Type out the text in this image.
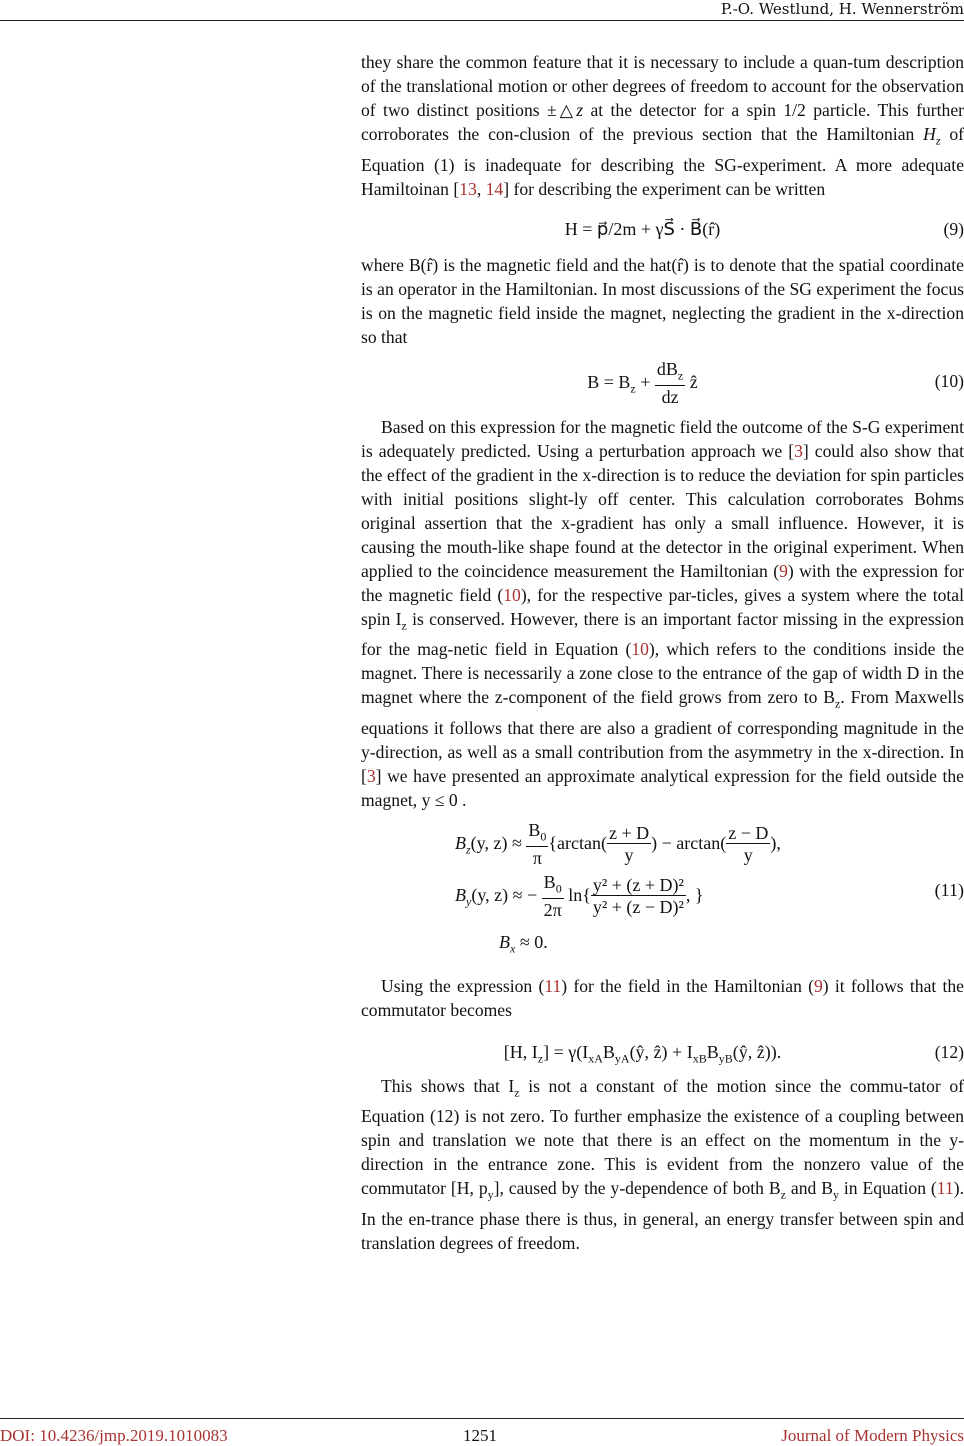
P.-O. Westlund, H. Wennerström

they share the common feature that it is necessary to include a quan-tum description of the translational motion or other degrees of freedom to account for the observation of two distinct positions ±△z at the detector for a spin 1/2 particle. This further corroborates the con-clusion of the previous section that the Hamiltonian $H_z$ of Equation (1) is inadequate for describing the SG-experiment. A more adequate Hamiltoinan [13, 14] for describing the experiment can be written

H = p⃗/2m + γS⃗ · B⃗(r̂)	(9)

where B(r̂) is the magnetic field and the hat(r̂) is to denote that the spatial coordinate is an operator in the Hamiltonian. In most discussions of the SG experiment the focus is on the magnetic field inside the magnet, neglecting the gradient in the x-direction so that

$B = B_z + \frac{dB_z}{dz}$ ẑ	(10)

Based on this expression for the magnetic field the outcome of the S-G experiment is adequately predicted. Using a perturbation approach we [3] could also show that the effect of the gradient in the x-direction is to reduce the deviation for spin particles with initial positions slight-ly off center. This calculation corroborates Bohms original assertion that the x-gradient has only a small influence. However, it is causing the mouth-like shape found at the detector in the original experiment. When applied to the coincidence measurement the Hamiltonian (9) with the expression for the magnetic field (10), for the respective par-ticles, gives a system where the total spin $I_z$ is conserved. However, there is an important factor missing in the expression for the mag-netic field in Equation (10), which refers to the conditions inside the magnet. There is necessarily a zone close to the entrance of the gap of width D in the magnet where the z-component of the field grows from zero to $B_z$. From Maxwells equations it follows that there are also a gradient of corresponding magnitude in the y-direction, as well as a small contribution from the asymmetry in the x-direction. In [3] we have presented an approximate analytical expression for the field outside the magnet, y ≤ 0 .

$B_z(y$, $z) \approx \frac{B_0}{\pi} \{\arctan( \frac{z + D}{y}$ ) − $\arctan( \frac{z - D}{y}$ ),
$B_y(y$, z) ≈ − $\frac{B_0}{2\pi} \ln\{ \frac{\text{y² + (z + D)²}}{\text{y² + (z − D)²}}$ , }
$B_x \approx 0$.
(11)

Using the expression (11) for the field in the Hamiltonian (9) it follows that the commutator becomes

[H, $I_z$] = $\gamma(I_{xA}B_{yA}(ŷ$, ẑ) + $I_{xB}B_{yB}(ŷ$, ẑ)).	(12)

This shows that $I_z$ is not a constant of the motion since the commu-tator of Equation (12) is not zero. To further emphasize the existence of a coupling between spin and translation we note that there is an effect on the momentum in the y-direction in the entrance zone. This is evident from the nonzero value of the commutator [H, $p_y$], caused by the y-dependence of both $B_z$ and $B_y$ in Equation (11). In the en-trance phase there is thus, in general, an energy transfer between spin and translation degrees of freedom.

DOI: 10.4236/jmp.2019.1010083	1251	Journal of Modern Physics
